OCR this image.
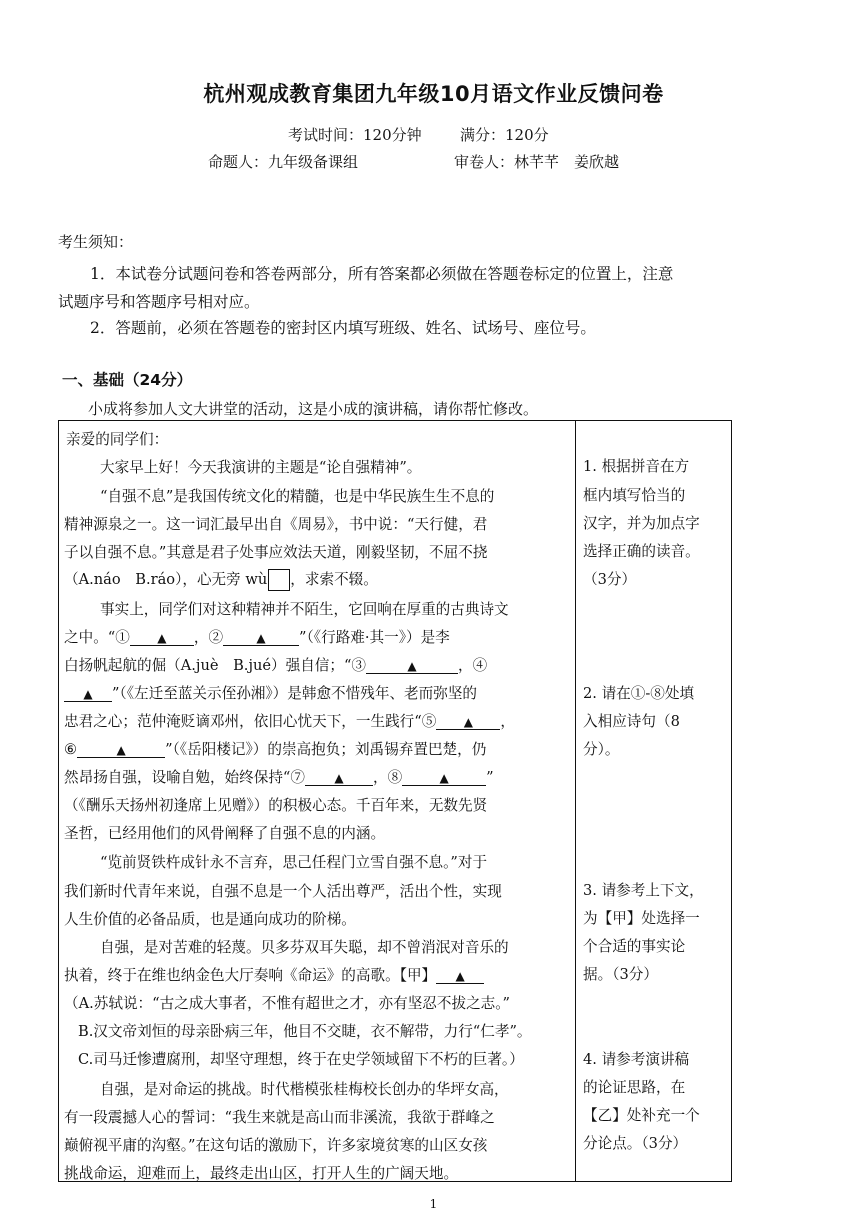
杭州观成教育集团九年级10月语文作业反馈问卷
考试时间：120分钟	满分：120分
命题人：九年级备课组	审卷人：林芊芊　姜欣越
考生须知：
1．本试卷分试题问卷和答卷两部分，所有答案都必须做在答题卷标定的位置上，注意
试题序号和答题序号相对应。
2．答题前，必须在答题卷的密封区内填写班级、姓名、试场号、座位号。
一、基础（24分）
小成将参加人文大讲堂的活动，这是小成的演讲稿，请你帮忙修改。
亲爱的同学们：
大家早上好！今天我演讲的主题是“论自强精神”。
“自强不息”是我国传统文化的精髓，也是中华民族生生不息的
精神源泉之一。这一词汇最早出自《周易》，书中说：“天行健，君
子以自强不息。”其意是君子处事应效法天道，刚毅坚韧，不屈不挠
（A.náo　B.ráo），心无旁 wù ，求索不辍。
事实上，同学们对这种精神并不陌生，它回响在厚重的古典诗文
之中。“① ▲ ，②	▲ ”（《行路难·其一》）是李
白扬帆起航的倔（A.juè　B.jué）强自信；“③	▲	，④
▲ ”（《左迁至蓝关示侄孙湘》）是韩愈不惜残年、老而弥坚的
忠君之心；范仲淹贬谪邓州，依旧心忧天下，一生践行“⑤ ▲ ，
⑥	▲	”（《岳阳楼记》）的崇高抱负；刘禹锡弃置巴楚，仍
然昂扬自强，设喻自勉，始终保持“⑦ ▲ ，⑧	▲	”
（《酬乐天扬州初逢席上见赠》）的积极心态。千百年来，无数先贤
圣哲，已经用他们的风骨阐释了自强不息的内涵。
“览前贤铁杵成针永不言弃，思己任程门立雪自强不息。”对于
我们新时代青年来说，自强不息是一个人活出尊严，活出个性，实现
人生价值的必备品质，也是通向成功的阶梯。
自强，是对苦难的轻蔑。贝多芬双耳失聪，却不曾消泯对音乐的
执着，终于在维也纳金色大厅奏响《命运》的高歌。【甲】 ▲
（A.苏轼说：“古之成大事者，不惟有超世之才，亦有坚忍不拔之志。”
B.汉文帝刘恒的母亲卧病三年，他目不交睫，衣不解带，力行“仁孝”。
C.司马迁惨遭腐刑，却坚守理想，终于在史学领域留下不朽的巨著。）
自强，是对命运的挑战。时代楷模张桂梅校长创办的华坪女高，
有一段震撼人心的誓词：“我生来就是高山而非溪流，我欲于群峰之
巅俯视平庸的沟壑。”在这句话的激励下，许多家境贫寒的山区女孩
挑战命运，迎难而上，最终走出山区，打开人生的广阔天地。
1. 根据拼音在方
框内填写恰当的
汉字，并为加点字
选择正确的读音。
（3分）
2. 请在①-⑧处填
入相应诗句（8
分）。
3. 请参考上下文，
为【甲】处选择一
个合适的事实论
据。（3分）
4. 请参考演讲稿
的论证思路，在
【乙】处补充一个
分论点。（3分）
1
